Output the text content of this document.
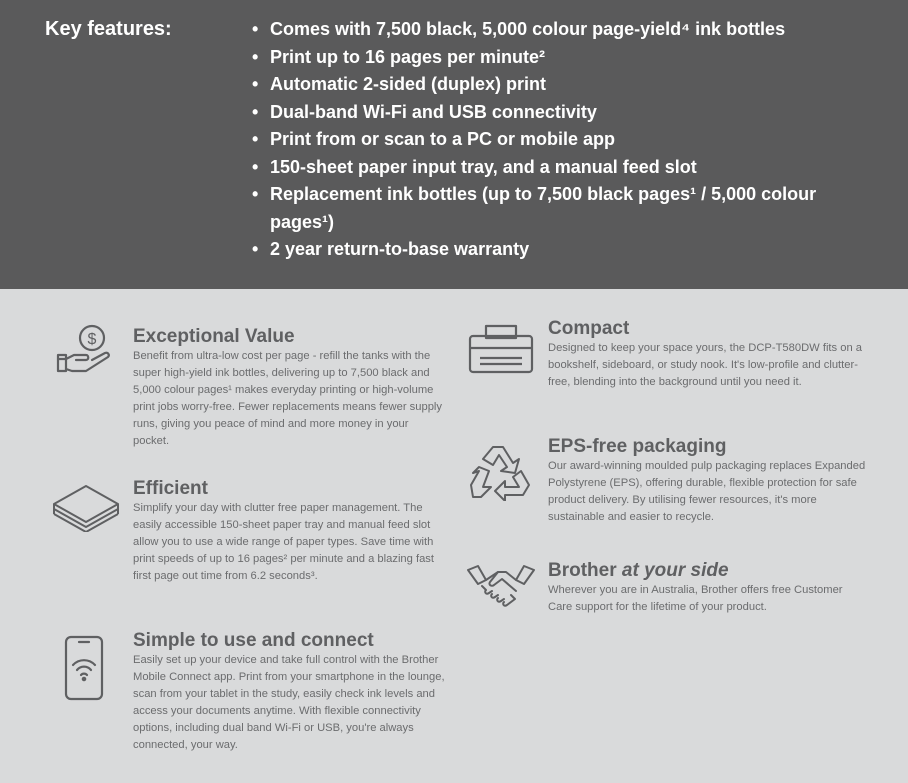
Key features:
•	Comes with 7,500 black, 5,000 colour page-yield⁴ ink bottles
• Print up to 16 pages per minute²
• Automatic 2-sided (duplex) print
• Dual-band Wi-Fi and USB connectivity
• Print from or scan to a PC or mobile app
• 150-sheet paper input tray, and a manual feed slot
• Replacement ink bottles (up to 7,500 black pages¹ / 5,000 colour pages¹)
• 2 year return-to-base warranty
$ Exceptional Value

Benefit from ultra-low cost per page - refill the tanks with the super high-yield ink bottles, delivering up to 7,500 black and 5,000 colour pages¹ makes everyday printing or high-volume print jobs worry-free. Fewer replacements means fewer supply runs, giving you peace of mind and more money in your pocket.

Efficient

Simplify your day with clutter free paper management. The easily accessible 150-sheet paper tray and manual feed slot allow you to use a wide range of paper types. Save time with print speeds of up to 16 pages² per minute and a blazing fast first page out time from 6.2 seconds³.

Simple to use and connect

Easily set up your device and take full control with the Brother Mobile Connect app. Print from your smartphone in the lounge, scan from your tablet in the study, easily check ink levels and access your documents anytime. With flexible connectivity options, including dual band Wi-Fi or USB, you're always connected, your way.

Compact

Designed to keep your space yours, the DCP-T580DW fits on a bookshelf, sideboard, or study nook. It's low-profile and clutter-free, blending into the background until you need it.

EPS-free packaging

Our award-winning moulded pulp packaging replaces Expanded Polystyrene (EPS), offering durable, flexible protection for safe product delivery. By utilising fewer resources, it's more sustainable and easier to recycle.

Brother at your side

Wherever you are in Australia, Brother offers free Customer Care support for the lifetime of your product.
